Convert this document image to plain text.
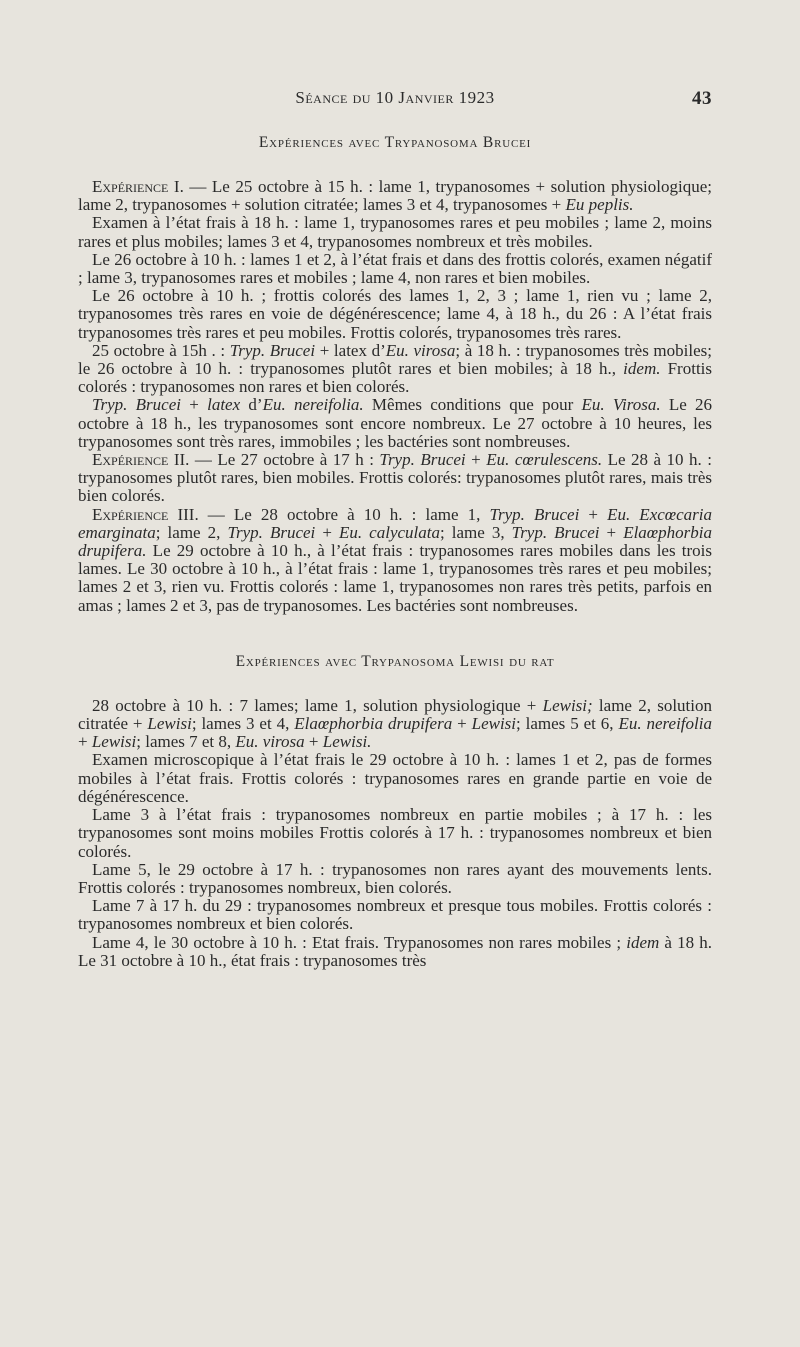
Séance du 10 Janvier 1923	43
Expériences avec Trypanosoma Brucei

Expérience I. — Le 25 octobre à 15 h. : lame 1, trypanosomes + solution physiologique; lame 2, trypanosomes + solution citratée; lames 3 et 4, trypanosomes + Eu peplis.

Examen à l’état frais à 18 h. : lame 1, trypanosomes rares et peu mobiles ; lame 2, moins rares et plus mobiles; lames 3 et 4, trypanosomes nombreux et très mobiles.

Le 26 octobre à 10 h. : lames 1 et 2, à l’état frais et dans des frottis colorés, examen négatif ; lame 3, trypanosomes rares et mobiles ; lame 4, non rares et bien mobiles.

Le 26 octobre à 10 h. ; frottis colorés des lames 1, 2, 3 ; lame 1, rien vu ; lame 2, trypanosomes très rares en voie de dégénérescence; lame 4, à 18 h., du 26 : A l’état frais trypanosomes très rares et peu mobiles. Frottis colorés, trypanosomes très rares.

25 octobre à 15h . : Tryp. Brucei + latex d’Eu. virosa; à 18 h. : trypanosomes très mobiles; le 26 octobre à 10 h. : trypanosomes plutôt rares et bien mobiles; à 18 h., idem. Frottis colorés : trypanosomes non rares et bien colorés.

Tryp. Brucei + latex d’Eu. nereifolia. Mêmes conditions que pour Eu. Virosa. Le 26 octobre à 18 h., les trypanosomes sont encore nombreux. Le 27 octobre à 10 heures, les trypanosomes sont très rares, immobiles ; les bactéries sont nombreuses.

Expérience II. — Le 27 octobre à 17 h : Tryp. Brucei + Eu. cœrulescens. Le 28 à 10 h. : trypanosomes plutôt rares, bien mobiles. Frottis colorés: trypanosomes plutôt rares, mais très bien colorés.

Expérience III. — Le 28 octobre à 10 h. : lame 1, Tryp. Brucei + Eu. Excœcaria emarginata; lame 2, Tryp. Brucei + Eu. calyculata; lame 3, Tryp. Brucei + Elaœphorbia drupifera. Le 29 octobre à 10 h., à l’état frais : trypanosomes rares mobiles dans les trois lames. Le 30 octobre à 10 h., à l’état frais : lame 1, trypanosomes très rares et peu mobiles; lames 2 et 3, rien vu. Frottis colorés : lame 1, trypanosomes non rares très petits, parfois en amas ; lames 2 et 3, pas de trypanosomes. Les bactéries sont nombreuses.

Expériences avec Trypanosoma Lewisi du rat

28 octobre à 10 h. : 7 lames; lame 1, solution physiologique + Lewisi; lame 2, solution citratée + Lewisi; lames 3 et 4, Elaœphorbia drupifera + Lewisi; lames 5 et 6, Eu. nereifolia + Lewisi; lames 7 et 8, Eu. virosa + Lewisi.

Examen microscopique à l’état frais le 29 octobre à 10 h. : lames 1 et 2, pas de formes mobiles à l’état frais. Frottis colorés : trypanosomes rares en grande partie en voie de dégénérescence.

Lame 3 à l’état frais : trypanosomes nombreux en partie mobiles ; à 17 h. : les trypanosomes sont moins mobiles Frottis colorés à 17 h. : trypanosomes nombreux et bien colorés.

Lame 5, le 29 octobre à 17 h. : trypanosomes non rares ayant des mouvements lents. Frottis colorés : trypanosomes nombreux, bien colorés.

Lame 7 à 17 h. du 29 : trypanosomes nombreux et presque tous mobiles. Frottis colorés : trypanosomes nombreux et bien colorés.

Lame 4, le 30 octobre à 10 h. : Etat frais. Trypanosomes non rares mobiles ; idem à 18 h. Le 31 octobre à 10 h., état frais : trypanosomes très
